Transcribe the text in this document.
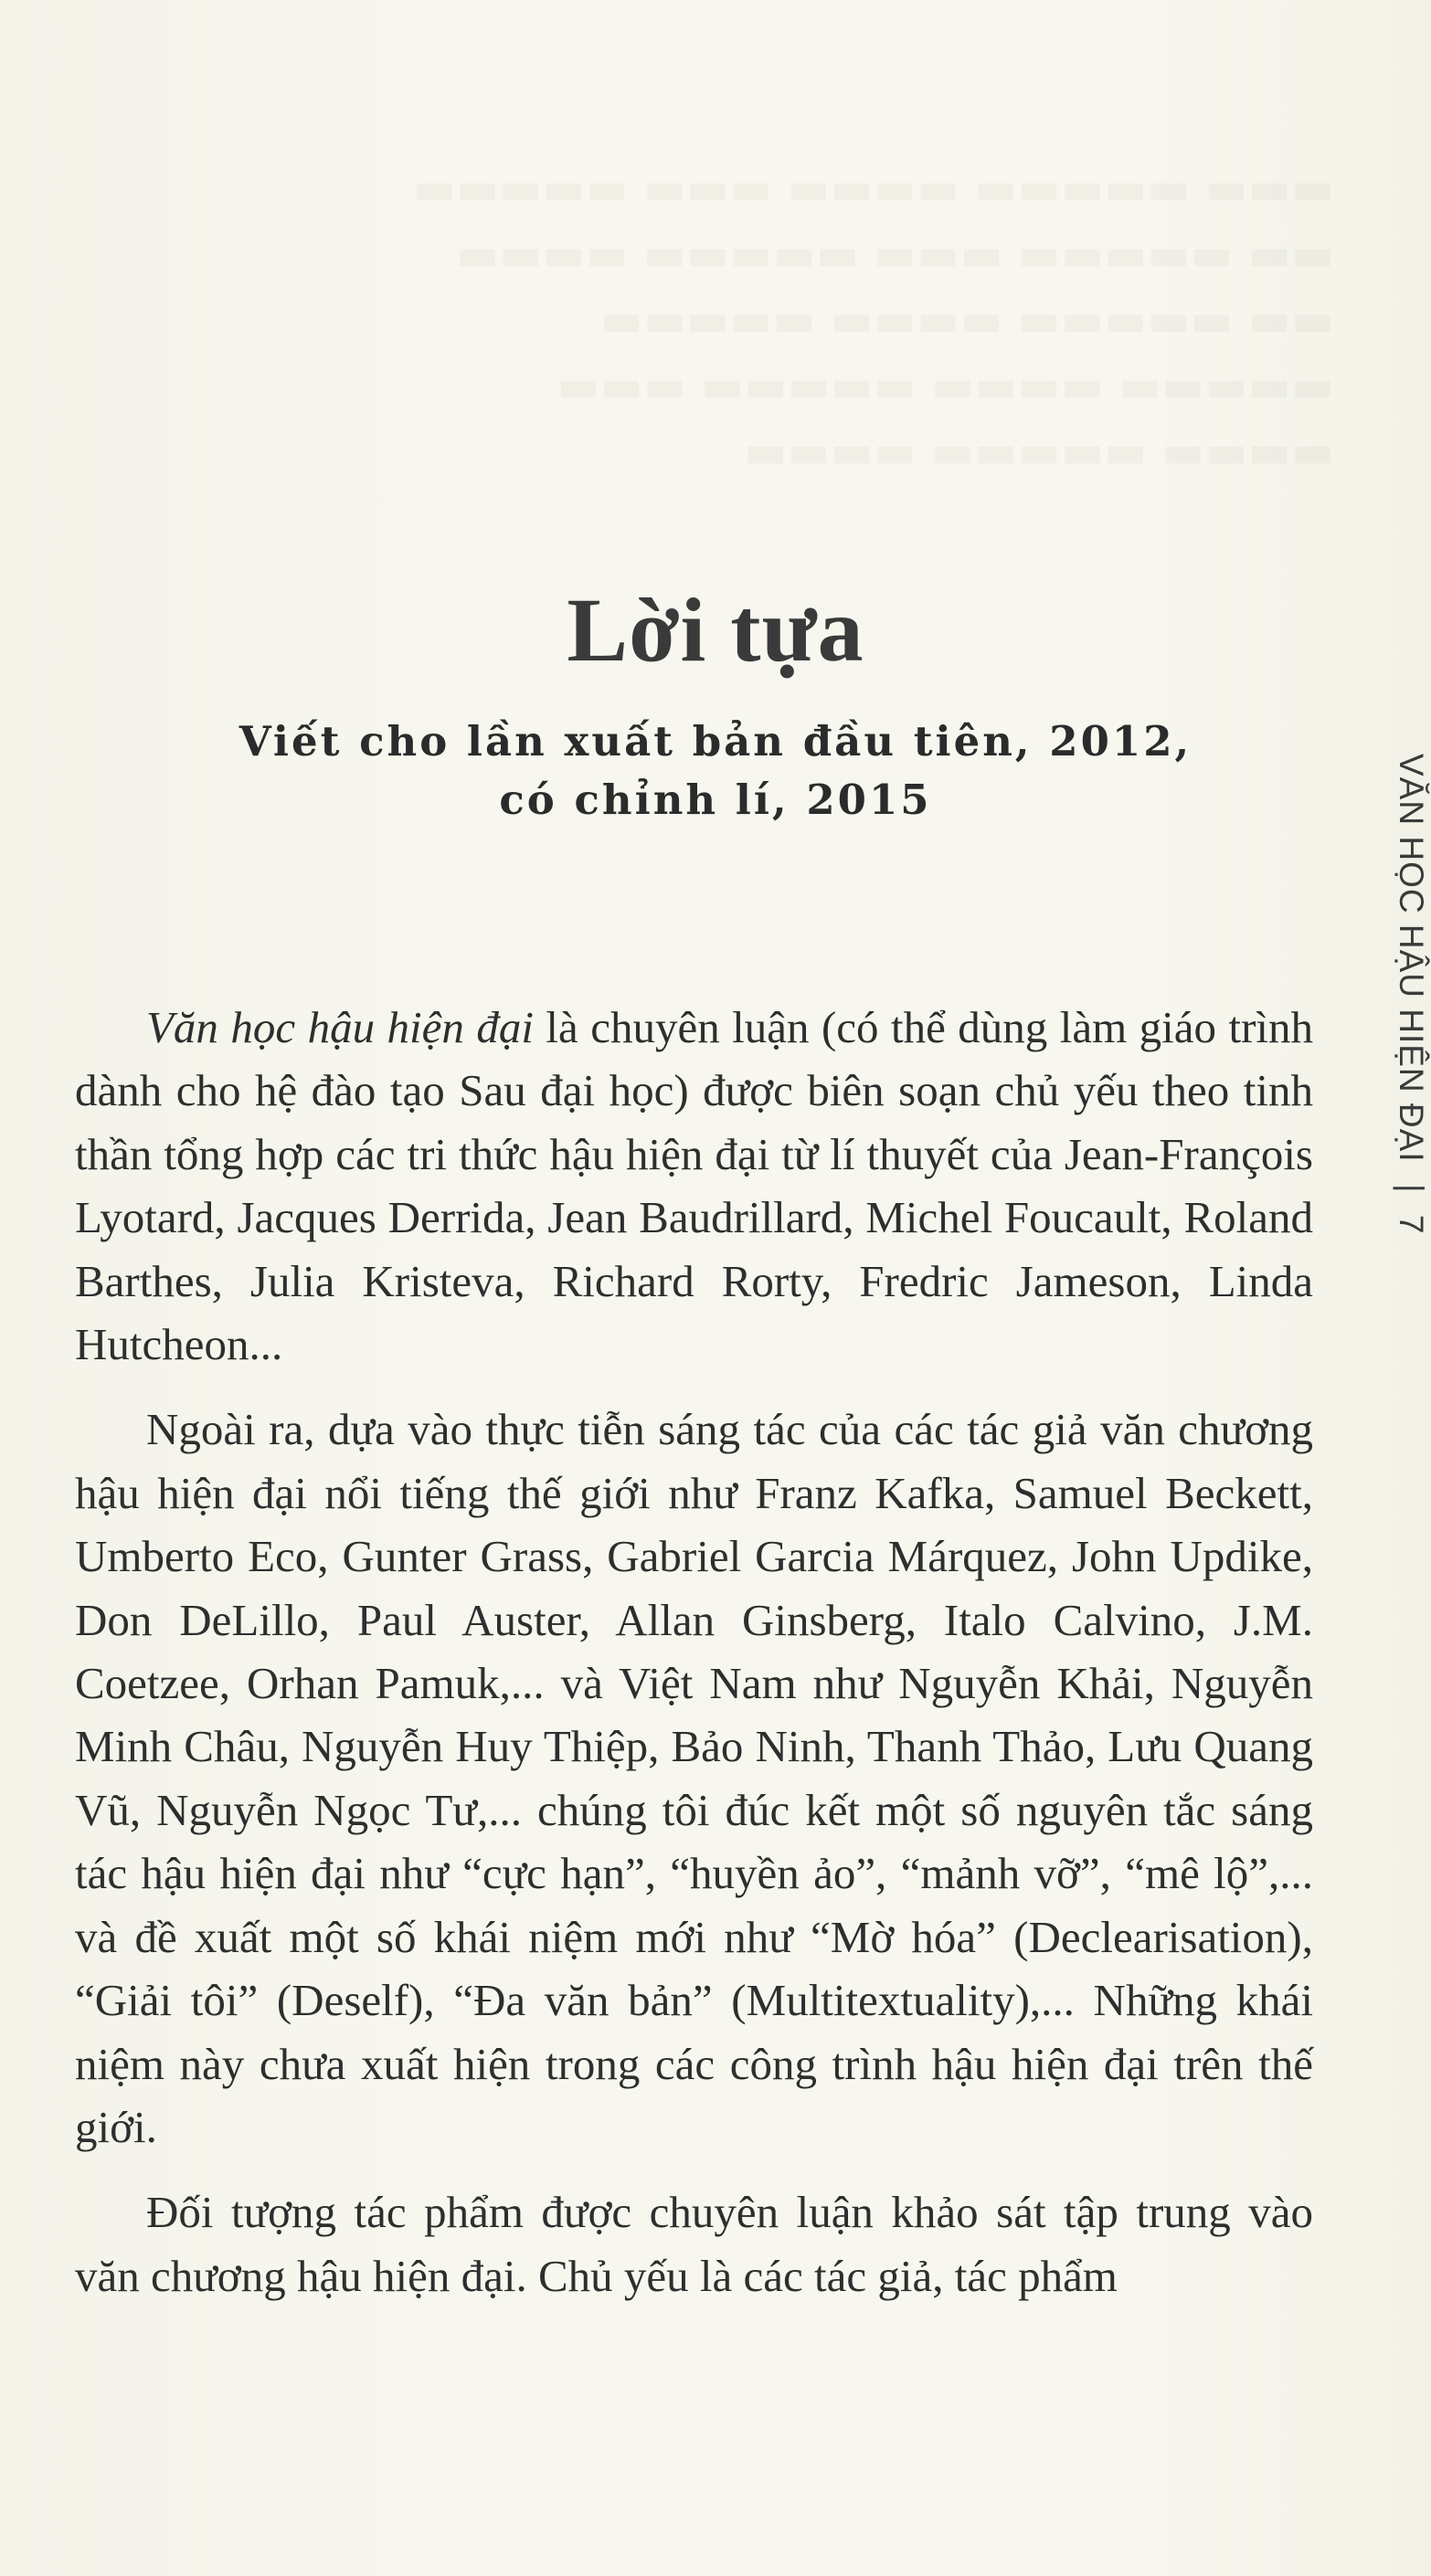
▬▬▬▬▬ ▬▬▬ ▬▬▬▬ ▬▬▬▬▬ ▬▬▬
▬▬▬▬ ▬▬▬▬▬ ▬▬▬ ▬▬▬▬▬ ▬▬
▬▬▬▬▬ ▬▬▬▬ ▬▬▬▬▬ ▬▬
▬▬▬ ▬▬▬▬▬ ▬▬▬▬ ▬▬▬▬▬
▬▬▬▬ ▬▬▬▬▬ ▬▬▬▬
Lời tựa
Viết cho lần xuất bản đầu tiên, 2012,
có chỉnh lí, 2015

Văn học hậu hiện đại là chuyên luận (có thể dùng làm giáo trình dành cho hệ đào tạo Sau đại học) được biên soạn chủ yếu theo tinh thần tổng hợp các tri thức hậu hiện đại từ lí thuyết của Jean-François Lyotard, Jacques Derrida, Jean Baudrillard, Michel Foucault, Roland Barthes, Julia Kristeva, Richard Rorty, Fredric Jameson, Linda Hutcheon...

Ngoài ra, dựa vào thực tiễn sáng tác của các tác giả văn chương hậu hiện đại nổi tiếng thế giới như Franz Kafka, Samuel Beckett, Umberto Eco, Gunter Grass, Gabriel Garcia Márquez, John Updike, Don DeLillo, Paul Auster, Allan Ginsberg, Italo Calvino, J.M. Coetzee, Orhan Pamuk,... và Việt Nam như Nguyễn Khải, Nguyễn Minh Châu, Nguyễn Huy Thiệp, Bảo Ninh, Thanh Thảo, Lưu Quang Vũ, Nguyễn Ngọc Tư,... chúng tôi đúc kết một số nguyên tắc sáng tác hậu hiện đại như “cực hạn”, “huyền ảo”, “mảnh vỡ”, “mê lộ”,... và đề xuất một số khái niệm mới như “Mờ hóa” (Declearisation), “Giải tôi” (Deself), “Đa văn bản” (Multitextuality),... Những khái niệm này chưa xuất hiện trong các công trình hậu hiện đại trên thế giới.

Đối tượng tác phẩm được chuyên luận khảo sát tập trung vào văn chương hậu hiện đại. Chủ yếu là các tác giả, tác phẩm

VĂN HỌC HẬU HIỆN ĐẠI | 7
